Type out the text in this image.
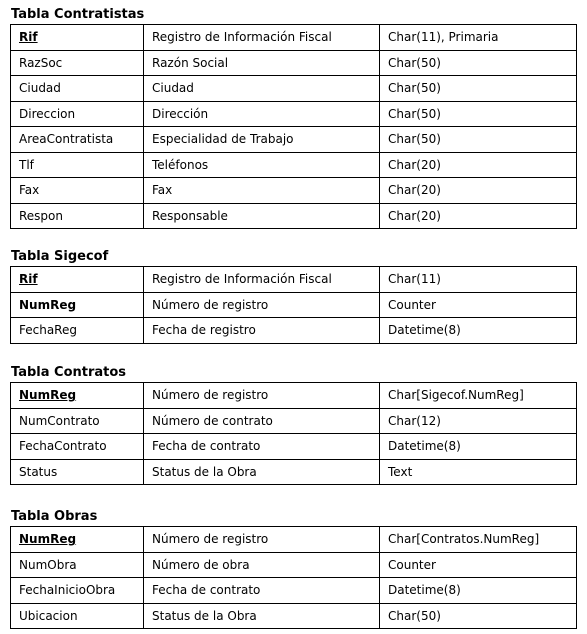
Tabla Contratistas
Rif	Registro de Información Fiscal	Char(11), Primaria
RazSoc	Razón Social	Char(50)
Ciudad	Ciudad	Char(50)
Direccion	Dirección	Char(50)
AreaContratista	Especialidad de Trabajo	Char(50)
Tlf	Teléfonos	Char(20)
Fax	Fax	Char(20)
Respon	Responsable	Char(20)
Tabla Sigecof
Rif	Registro de Información Fiscal	Char(11)
NumReg	Número de registro	Counter
FechaReg	Fecha de registro	Datetime(8)
Tabla Contratos
NumReg	Número de registro	Char[Sigecof.NumReg]
NumContrato	Número de contrato	Char(12)
FechaContrato	Fecha de contrato	Datetime(8)
Status	Status de la Obra	Text
Tabla Obras
NumReg	Número de registro	Char[Contratos.NumReg]
NumObra	Número de obra	Counter
FechaInicioObra	Fecha de contrato	Datetime(8)
Ubicacion	Status de la Obra	Char(50)
